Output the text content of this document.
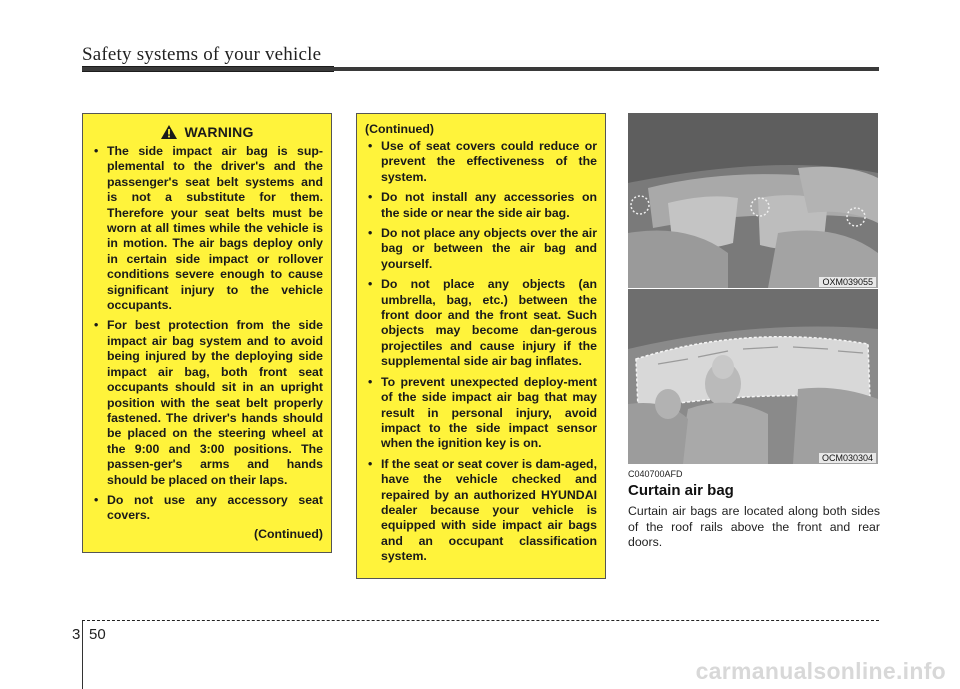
Safety systems of your vehicle
WARNING
• The side impact air bag is sup-plemental to the driver's and the passenger's seat belt systems and is not a substitute for them. Therefore your seat belts must be worn at all times while the vehicle is in motion. The air bags deploy only in certain side impact or rollover conditions severe enough to cause significant injury to the vehicle occupants.
• For best protection from the side impact air bag system and to avoid being injured by the deploying side impact air bag, both front seat occupants should sit in an upright position with the seat belt properly fastened. The driver's hands should be placed on the steering wheel at the 9:00 and 3:00 positions. The passen-ger's arms and hands should be placed on their laps.
• Do not use any accessory seat covers.
(Continued)
(Continued)
• Use of seat covers could reduce or prevent the effectiveness of the system.
• Do not install any accessories on the side or near the side air bag.
• Do not place any objects over the air bag or between the air bag and yourself.
• Do not place any objects (an umbrella, bag, etc.) between the front door and the front seat. Such objects may become dan-gerous projectiles and cause injury if the supplemental side air bag inflates.
• To prevent unexpected deploy-ment of the side impact air bag that may result in personal injury, avoid impact to the side impact sensor when the ignition key is on.
• If the seat or seat cover is dam-aged, have the vehicle checked and repaired by an authorized HYUNDAI dealer because your vehicle is equipped with side impact air bags and an occupant classification system.
OXM039055
OCM030304
C040700AFD
Curtain air bag
Curtain air bags are located along both sides of the roof rails above the front and rear doors.
3 50
carmanualsonline.info
